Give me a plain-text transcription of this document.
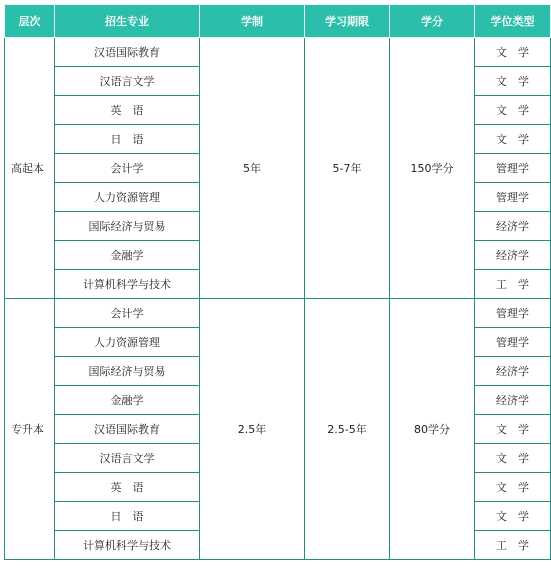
层次	招生专业	学制	学习期限	学分	学位类型
高起本	汉语国际教育	5年	5-7年	150学分	文　学
	汉语言文学				文　学
	英　语				文　学
	日　语				文　学
	会计学				管理学
	人力资源管理				管理学
	国际经济与贸易				经济学
	金融学				经济学
	计算机科学与技术				工　学
专升本	会计学	2.5年	2.5-5年	80学分	管理学
	人力资源管理				管理学
	国际经济与贸易				经济学
	金融学				经济学
	汉语国际教育				文　学
	汉语言文学				文　学
	英　语				文　学
	日　语				文　学
	计算机科学与技术				工　学
